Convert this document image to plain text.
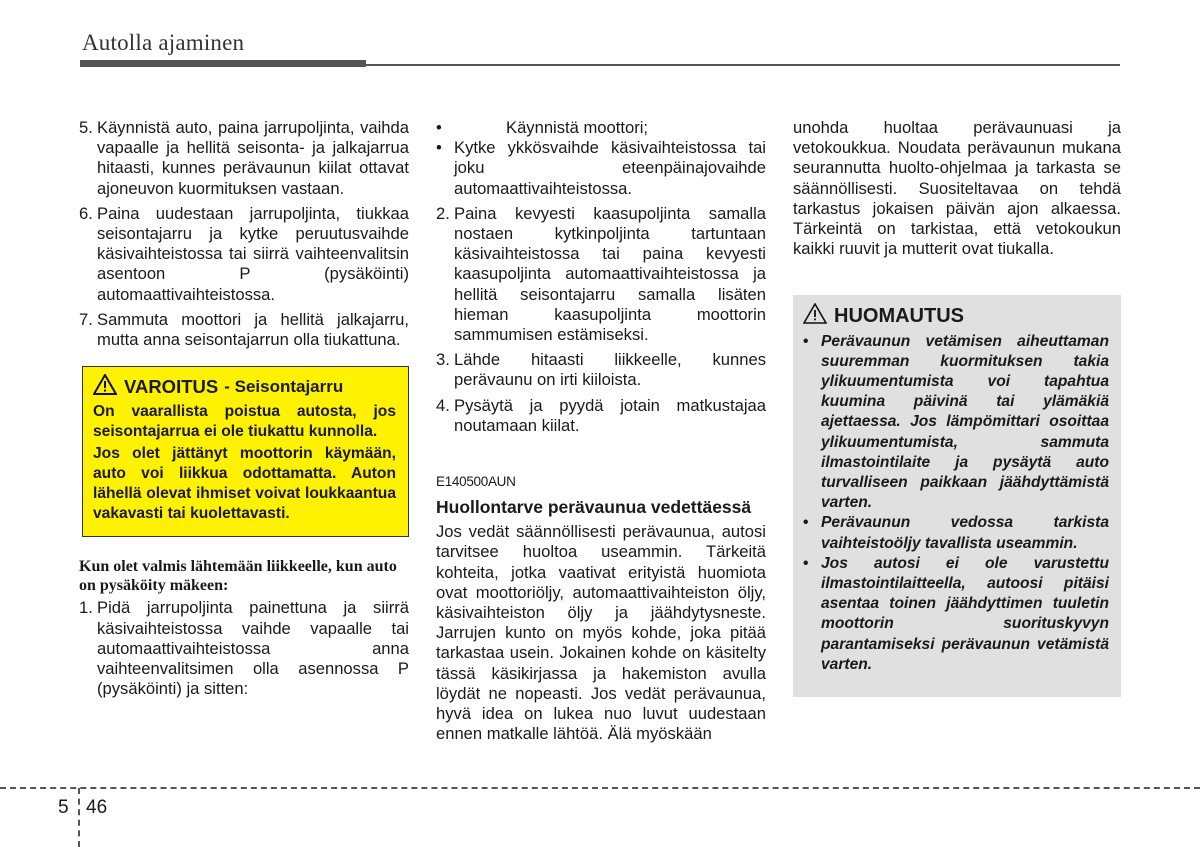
Autolla ajaminen
5. Käynnistä auto, paina jarrupoljinta, vaihda vapaalle ja hellitä seisonta- ja jalkajarrua hitaasti, kunnes perävaunun kiilat ottavat ajoneuvon kuormituksen vastaan.
6. Paina uudestaan jarrupoljinta, tiukkaa seisontajarru ja kytke peruutusvaihde käsivaihteistossa tai siirrä vaihteenvalitsin asentoon P (pysäköinti) automaattivaihteistossa.
7. Sammuta moottori ja hellitä jalkajarru, mutta anna seisontajarrun olla tiukattuna.
VAROITUS - Seisontajarru

On vaarallista poistua autosta, jos seisontajarrua ei ole tiukattu kunnolla.

Jos olet jättänyt moottorin käymään, auto voi liikkua odottamatta. Auton lähellä olevat ihmiset voivat loukkaantua vakavasti tai kuolettavasti.

Kun olet valmis lähtemään liikkeelle, kun auto on pysäköity mäkeen:
1. Pidä jarrupoljinta painettuna ja siirrä käsivaihteistossa vaihde vapaalle tai automaattivaihteistossa anna vaihteenvalitsimen olla asennossa P (pysäköinti) ja sitten:
•	Käynnistä moottori;
• Kytke ykkösvaihde käsivaihteistossa tai joku eteenpäinajovaihde automaattivaihteistossa.
2. Paina kevyesti kaasupoljinta samalla nostaen kytkinpoljinta tartuntaan käsivaihteistossa tai paina kevyesti kaasupoljinta automaattivaihteistossa ja hellitä seisontajarru samalla lisäten hieman kaasupoljinta moottorin sammumisen estämiseksi.
3. Lähde hitaasti liikkeelle, kunnes perävaunu on irti kiiloista.
4. Pysäytä ja pyydä jotain matkustajaa noutamaan kiilat.
E140500AUN
Huollontarve perävaunua vedettäessä

Jos vedät säännöllisesti perävaunua, autosi tarvitsee huoltoa useammin. Tärkeitä kohteita, jotka vaativat erityistä huomiota ovat moottoriöljy, automaattivaihteiston öljy, käsivaihteiston öljy ja jäähdytysneste. Jarrujen kunto on myös kohde, joka pitää tarkastaa usein. Jokainen kohde on käsitelty tässä käsikirjassa ja hakemiston avulla löydät ne nopeasti. Jos vedät perävaunua, hyvä idea on lukea nuo luvut uudestaan ennen matkalle lähtöä. Älä myöskään

unohda huoltaa perävaunuasi ja vetokoukkua. Noudata perävaunun mukana seurannutta huolto-ohjelmaa ja tarkasta se säännöllisesti. Suositeltavaa on tehdä tarkastus jokaisen päivän ajon alkaessa. Tärkeintä on tarkistaa, että vetokoukun kaikki ruuvit ja mutterit ovat tiukalla.

HUOMAUTUS
• Perävaunun vetämisen aiheuttaman suuremman kuormituksen takia ylikuumentumista voi tapahtua kuumina päivinä tai ylämäkiä ajettaessa. Jos lämpömittari osoittaa ylikuumentumista, sammuta ilmastointilaite ja pysäytä auto turvalliseen paikkaan jäähdyttämistä varten.
• Perävaunun vedossa tarkista vaihteistoöljy tavallista useammin.
• Jos autosi ei ole varustettu ilmastointilaitteella, autoosi pitäisi asentaa toinen jäähdyttimen tuuletin moottorin suorituskyvyn parantamiseksi perävaunun vetämistä varten.
5 46
